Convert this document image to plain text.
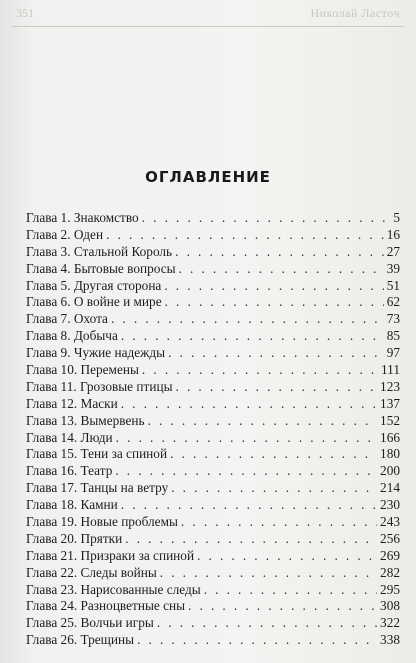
351	Николай Ласточ

ОГЛАВЛЕНИЕ
Глава 1. Знакомство . . .	5
Глава 2. Оден . . .	16
Глава 3. Стальной Король . . .	27
Глава 4. Бытовые вопросы . . .	39
Глава 5. Другая сторона . . .	51
Глава 6. О войне и мире . . .	62
Глава 7. Охота . . .	73
Глава 8. Добыча . . .	85
Глава 9. Чужие надежды . . .	97
Глава 10. Перемены . . .	111
Глава 11. Грозовые птицы . . .	123
Глава 12. Маски . . .	137
Глава 13. Вымервень . . .	152
Глава 14. Люди . . .	166
Глава 15. Тени за спиной . . .	180
Глава 16. Театр . . .	200
Глава 17. Танцы на ветру . . .	214
Глава 18. Камни . . .	230
Глава 19. Новые проблемы . . .	243
Глава 20. Прятки . . .	256
Глава 21. Призраки за спиной . . .	269
Глава 22. Следы войны . . .	282
Глава 23. Нарисованные следы . . .	295
Глава 24. Разноцветные сны . . .	308
Глава 25. Волчьи игры . . .	322
Глава 26. Трещины . . .	338
